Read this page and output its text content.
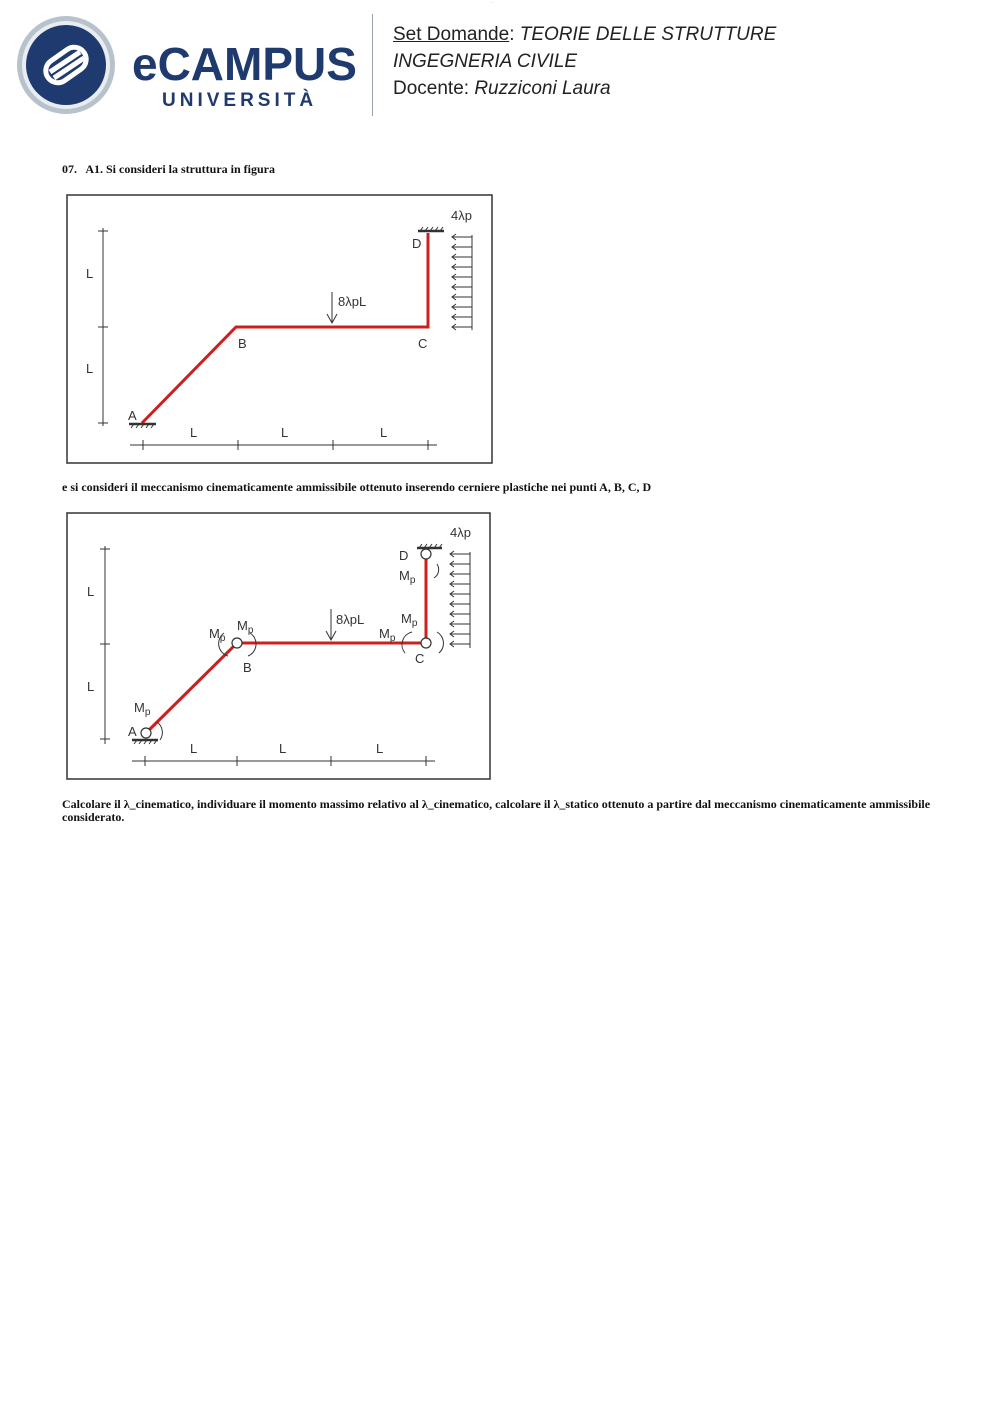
···
eCAMPUS
UNIVERSITÀ
Set Domande: TEORIE DELLE STRUTTURE
INGEGNERIA CIVILE
Docente: Ruzziconi Laura
07.   A1. Si consideri la struttura in figura
L
L
L	L	L
A
B	C
D
8λpL
4λp
e si consideri il meccanismo cinematicamente ammissibile ottenuto inserendo cerniere plastiche nei punti A, B, C, D
L
L
L	L	L
A
B
C
D
$M_p$
$M_p$
$M_p$	$M_p$
$M_p$
$M_p$
8λpL
4λp
Calcolare il λ_cinematico, individuare il momento massimo relativo al λ_cinematico, calcolare il λ_statico ottenuto a partire dal meccanismo cinematicamente ammissibile considerato.
